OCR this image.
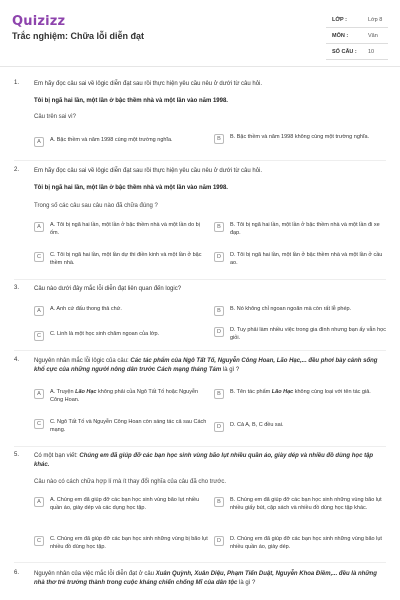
Quizizz
Trắc nghiệm: Chữa lỗi diễn đạt
LỚP :	Lớp 8
MÔN :	Văn
SỐ CÂU : 10
1. Em hãy đọc câu sai về lôgic diễn đạt sau rồi thực hiện yêu cầu nêu ở dưới từ câu hỏi.
Tôi bị ngã hai lần, một lần ở bậc thềm nhà và một lần vào năm 1998.
Câu trên sai vì?
A	A. Bậc thềm và năm 1998 cùng một trường nghĩa.	B	B. Bậc thềm và năm 1998 không cùng một trường nghĩa.
2. Em hãy đọc câu sai về lôgic diễn đạt sau rồi thực hiện yêu cầu nêu ở dưới từ câu hỏi.
Tôi bị ngã hai lần, một lần ở bậc thềm nhà và một lần vào năm 1998.
Trong số các câu sau câu nào đã chữa đúng ?
A	A. Tôi bị ngã hai lần, một lần ở bậc thềm nhà và một lần do bị ốm.
B	B. Tôi bị ngã hai lần, một lần ở bậc thềm nhà và một lần đi xe đạp.
C	C. Tôi bị ngã hai lần, một lần dự thi điền kinh và một lần ở bậc thềm nhà.
D	D. Tôi bị ngã hai lần, một lần ở bậc thềm nhà và một lần ở cầu ao.
3. Câu nào dưới đây mắc lỗi diễn đạt liên quan đến logic?
A	A. Anh cứ đấu thong thả chứ.	B	B. Nó không chỉ ngoan ngoãn mà còn rất lễ phép.
C	C. Linh là một học sinh chăm ngoan của lớp.	D	D. Tuy phải làm nhiều việc trong gia đình nhưng bạn ấy vẫn học giỏi.
4. Nguyên nhân mắc lỗi lôgic của câu: Các tác phẩm của Ngô Tất Tố, Nguyễn Công Hoan, Lão Hạc,... đều phơi bày cảnh sống khổ cực của những người nông dân trước Cách mạng tháng Tám là gì ?
A	A. Truyện Lão Hạc không phải của Ngô Tất Tố hoặc Nguyễn Công Hoan.
B	B. Tên tác phẩm Lão Hạc không cùng loại với tên tác giả.
C	C. Ngô Tất Tố và Nguyễn Công Hoan còn sáng tác cả sau Cách mạng.	D	D. Cả A, B, C đều sai.
5. Có một bạn viết: Chúng em đã giúp đỡ các bạn học sinh vùng bão lụt nhiều quần áo, giày dép và nhiều đồ dùng học tập khác.
Câu nào có cách chữa hợp lí mà ít thay đổi nghĩa của câu đã cho trước.
A	A. Chúng em đã giúp đỡ các bạn học sinh vùng bão lụt nhiều quần áo, giày dép và các dụng học tập.
B	B. Chúng em đã giúp đỡ các bạn học sinh những vùng bão lụt nhiều giấy bút, cặp sách và nhiều đồ dùng học tập khác.
C	C. Chúng em đã giúp đỡ các bạn học sinh những vùng bị bão lụt nhiều đồ dùng học tập.
D	D. Chúng em đã giúp đỡ các bạn học sinh những vùng bão lụt nhiều quần áo, giày dép.
6. Nguyên nhân của việc mắc lỗi diễn đạt ở câu Xuân Quỳnh, Xuân Diệu, Phạm Tiến Duật, Nguyễn Khoa Điềm,... đều là những nhà thơ trẻ trưởng thành trong cuộc kháng chiến chống Mĩ của dân tộc là gì ?
